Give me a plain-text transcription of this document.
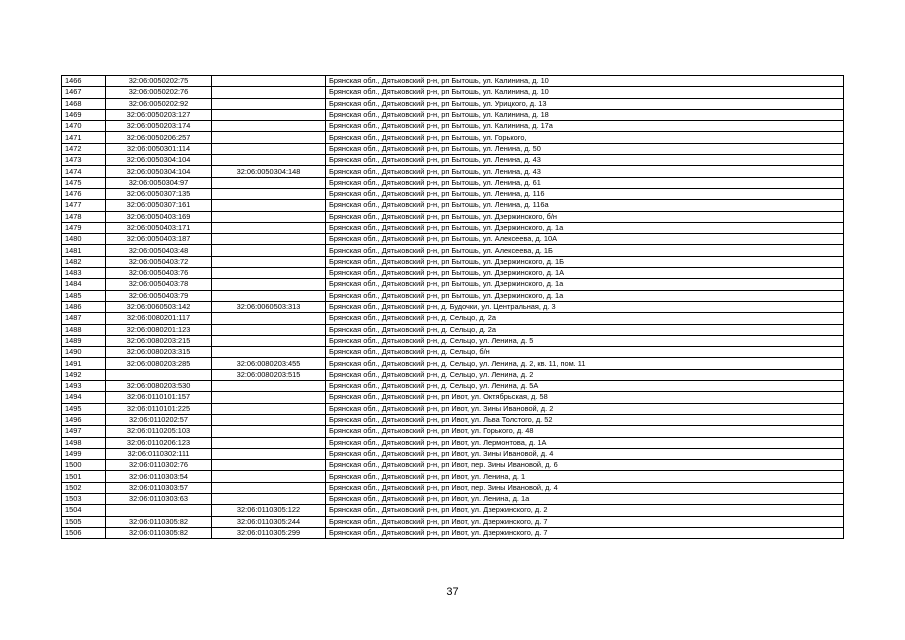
1466	32:06:0050202:75		Брянская обл., Дятьковский р-н, рп Бытошь, ул. Калинина, д. 10
1467	32:06:0050202:76		Брянская обл., Дятьковский р-н, рп Бытошь, ул. Калинина, д. 10
1468	32:06:0050202:92		Брянская обл., Дятьковский р-н, рп Бытошь, ул. Урицкого, д. 13
1469	32:06:0050203:127		Брянская обл., Дятьковский р-н, рп Бытошь, ул. Калинина, д. 18
1470	32:06:0050203:174		Брянская обл., Дятьковский р-н, рп Бытошь, ул. Калинина, д. 17а
1471	32:06:0050206:257		Брянская обл., Дятьковский р-н, рп Бытошь, ул. Горького,
1472	32:06:0050301:114		Брянская обл., Дятьковский р-н, рп Бытошь, ул. Ленина, д. 50
1473	32:06:0050304:104		Брянская обл., Дятьковский р-н, рп Бытошь, ул. Ленина, д. 43
1474	32:06:0050304:104	32:06:0050304:148	Брянская обл., Дятьковский р-н, рп Бытошь, ул. Ленина, д. 43
1475	32:06:0050304:97		Брянская обл., Дятьковский р-н, рп Бытошь, ул. Ленина, д. 61
1476	32:06:0050307:135		Брянская обл., Дятьковский р-н, рп Бытошь, ул. Ленина, д. 116
1477	32:06:0050307:161		Брянская обл., Дятьковский р-н, рп Бытошь, ул. Ленина, д. 116а
1478	32:06:0050403:169		Брянская обл., Дятьковский р-н, рп Бытошь, ул. Дзержинского, б/н
1479	32:06:0050403:171		Брянская обл., Дятьковский р-н, рп Бытошь, ул. Дзержинского, д. 1а
1480	32:06:0050403:187		Брянская обл., Дятьковский р-н, рп Бытошь, ул. Алексеева, д. 10А
1481	32:06:0050403:48		Брянская обл., Дятьковский р-н, рп Бытошь, ул. Алексеева, д. 1Б
1482	32:06:0050403:72		Брянская обл., Дятьковский р-н, рп Бытошь, ул. Дзержинского, д. 1Б
1483	32:06:0050403:76		Брянская обл., Дятьковский р-н, рп Бытошь, ул. Дзержинского, д. 1А
1484	32:06:0050403:78		Брянская обл., Дятьковский р-н, рп Бытошь, ул. Дзержинского, д. 1а
1485	32:06:0050403:79		Брянская обл., Дятьковский р-н, рп Бытошь, ул. Дзержинского, д. 1а
1486	32:06:0060503:142	32:06:0060503:313	Брянская обл., Дятьковский р-н, д. Будочки, ул. Центральная, д. 3
1487	32:06:0080201:117		Брянская обл., Дятьковский р-н, д. Сельцо, д. 2а
1488	32:06:0080201:123		Брянская обл., Дятьковский р-н, д. Сельцо, д. 2а
1489	32:06:0080203:215		Брянская обл., Дятьковский р-н, д. Сельцо, ул. Ленина, д. 5
1490	32:06:0080203:315		Брянская обл., Дятьковский р-н, д. Сельцо, б/н
1491	32:06:0080203:285	32:06:0080203:455	Брянская обл., Дятьковский р-н, д. Сельцо, ул. Ленина, д. 2, кв. 11, пом. 11
1492		32:06:0080203:515	Брянская обл., Дятьковский р-н, д. Сельцо, ул. Ленина, д. 2
1493	32:06:0080203:530		Брянская обл., Дятьковский р-н, д. Сельцо, ул. Ленина, д. 5А
1494	32:06:0110101:157		Брянская обл., Дятьковский р-н, рп Ивот, ул. Октябрьская, д. 58
1495	32:06:0110101:225		Брянская обл., Дятьковский р-н, рп Ивот, ул. Зины Ивановой, д. 2
1496	32:06:0110202:57		Брянская обл., Дятьковский р-н, рп Ивот, ул. Льва Толстого, д. 52
1497	32:06:0110205:103		Брянская обл., Дятьковский р-н, рп Ивот, ул. Горького, д. 48
1498	32:06:0110206:123		Брянская обл., Дятьковский р-н, рп Ивот, ул. Лермонтова, д. 1А
1499	32:06:0110302:111		Брянская обл., Дятьковский р-н, рп Ивот, ул. Зины Ивановой, д. 4
1500	32:06:0110302:76		Брянская обл., Дятьковский р-н, рп Ивот, пер. Зины Ивановой, д. 6
1501	32:06:0110303:54		Брянская обл., Дятьковский р-н, рп Ивот, ул. Ленина, д. 1
1502	32:06:0110303:57		Брянская обл., Дятьковский р-н, рп Ивот, пер. Зины Ивановой, д. 4
1503	32:06:0110303:63		Брянская обл., Дятьковский р-н, рп Ивот, ул. Ленина, д. 1а
1504		32:06:0110305:122	Брянская обл., Дятьковский р-н, рп Ивот, ул. Дзержинского, д. 2
1505	32:06:0110305:82	32:06:0110305:244	Брянская обл., Дятьковский р-н, рп Ивот, ул. Дзержинского, д. 7
1506	32:06:0110305:82	32:06:0110305:299	Брянская обл., Дятьковский р-н, рп Ивот, ул. Дзержинского, д. 7
37
